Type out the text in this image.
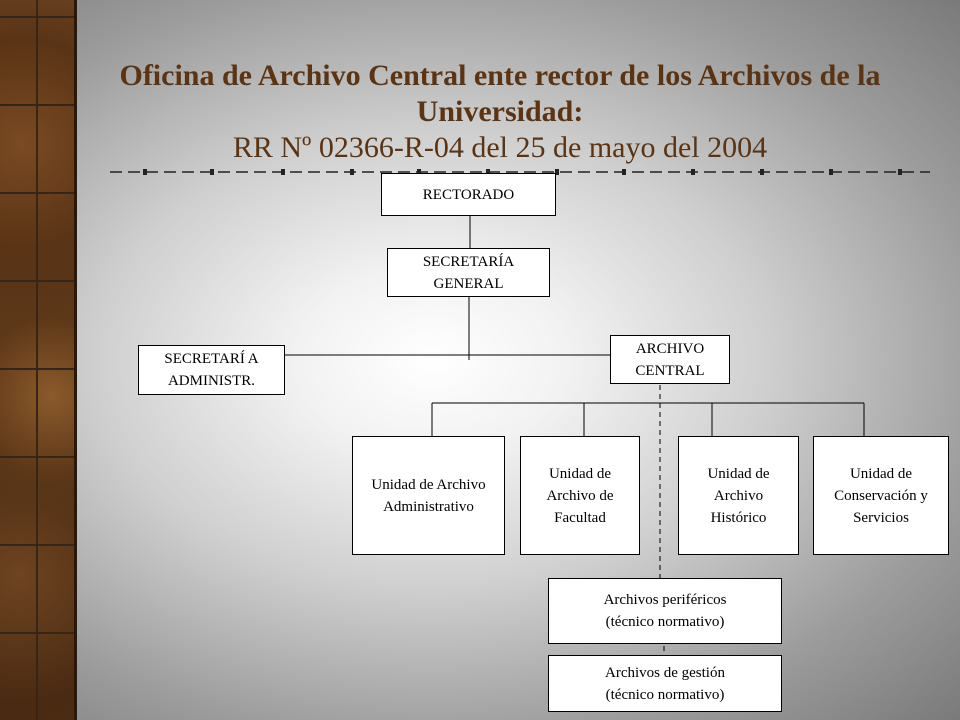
Oficina de Archivo Central ente rector de los Archivos de la Universidad:
RR Nº 02366-R-04 del 25 de mayo del 2004
RECTORADO
SECRETARÍA GENERAL
SECRETARÍ A ADMINISTR.
ARCHIVO CENTRAL
Unidad de Archivo Administrativo
Unidad de Archivo de Facultad
Unidad de Archivo Histórico
Unidad de Conservación y Servicios
Archivos periféricos (técnico normativo)
Archivos de gestión (técnico normativo)
